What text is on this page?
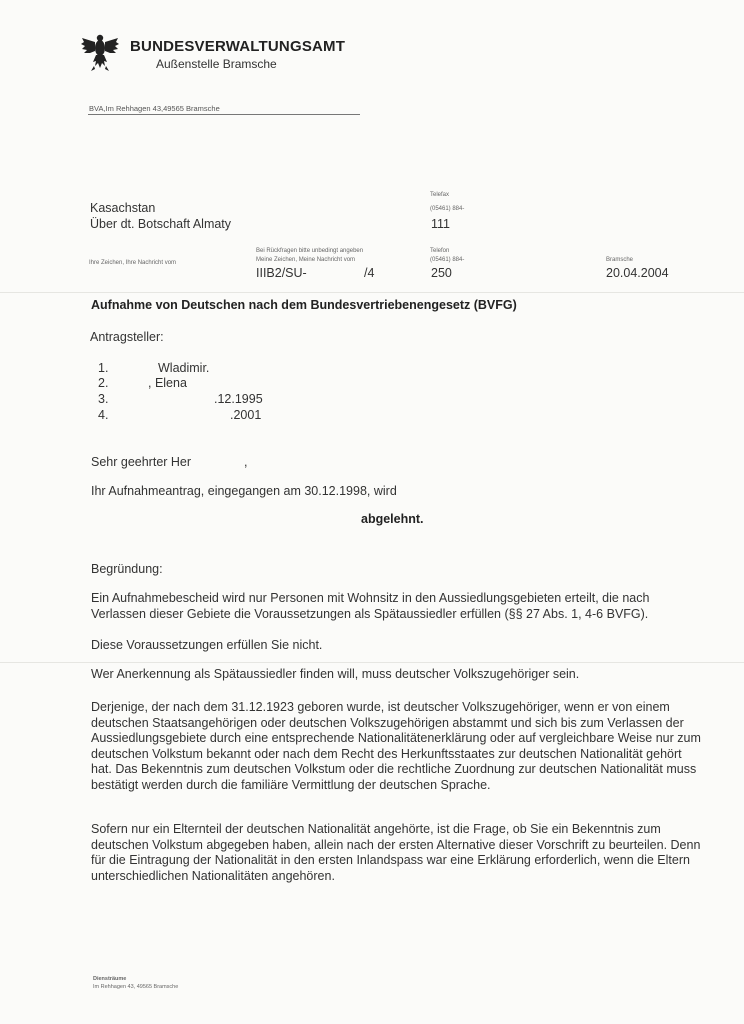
BUNDESVERWALTUNGSAMT
Außenstelle Bramsche
BVA,Im Rehhagen 43,49565 Bramsche
Kasachstan
Über dt. Botschaft Almaty
Telefax
(05461) 884-
111
Ihre Zeichen, Ihre Nachricht vom
Bei Rückfragen bitte unbedingt angeben
Meine Zeichen, Meine Nachricht vom
IIIB2/SU-	/4
Telefon
(05461) 884-
250
Bramsche
20.04.2004
Aufnahme von Deutschen nach dem Bundesvertriebenengesetz (BVFG)
Antragsteller:
1.	Wladimir.
2.	, Elena
3.	.12.1995
4.	.2001
Sehr geehrter Her	,
Ihr Aufnahmeantrag, eingegangen am 30.12.1998, wird
abgelehnt.
Begründung:
Ein Aufnahmebescheid wird nur Personen mit Wohnsitz in den Aussiedlungsgebieten erteilt, die nach Verlassen dieser Gebiete die Voraussetzungen als Spätaussiedler erfüllen (§§ 27 Abs. 1, 4-6 BVFG).
Diese Voraussetzungen erfüllen Sie nicht.
Wer Anerkennung als Spätaussiedler finden will, muss deutscher Volkszugehöriger sein.
Derjenige, der nach dem 31.12.1923 geboren wurde, ist deutscher Volkszugehöriger, wenn er von einem deutschen Staatsangehörigen oder deutschen Volkszugehörigen abstammt und sich bis zum Verlassen der Aussiedlungsgebiete durch eine entsprechende Nationalitätenerklärung oder auf vergleichbare Weise nur zum deutschen Volkstum bekannt oder nach dem Recht des Herkunftsstaates zur deutschen Nationalität gehört hat. Das Bekenntnis zum deutschen Volkstum oder die rechtliche Zuordnung zur deutschen Nationalität muss bestätigt werden durch die familiäre Vermittlung der deutschen Sprache.
Sofern nur ein Elternteil der deutschen Nationalität angehörte, ist die Frage, ob Sie ein Bekenntnis zum deutschen Volkstum abgegeben haben, allein nach der ersten Alternative dieser Vorschrift zu beurteilen. Denn für die Eintragung der Nationalität in den ersten Inlandspass war eine Erklärung erforderlich, wenn die Eltern unterschiedlichen Nationalitäten angehören.
Diensträume
Im Rehhagen 43, 49565 Bramsche
